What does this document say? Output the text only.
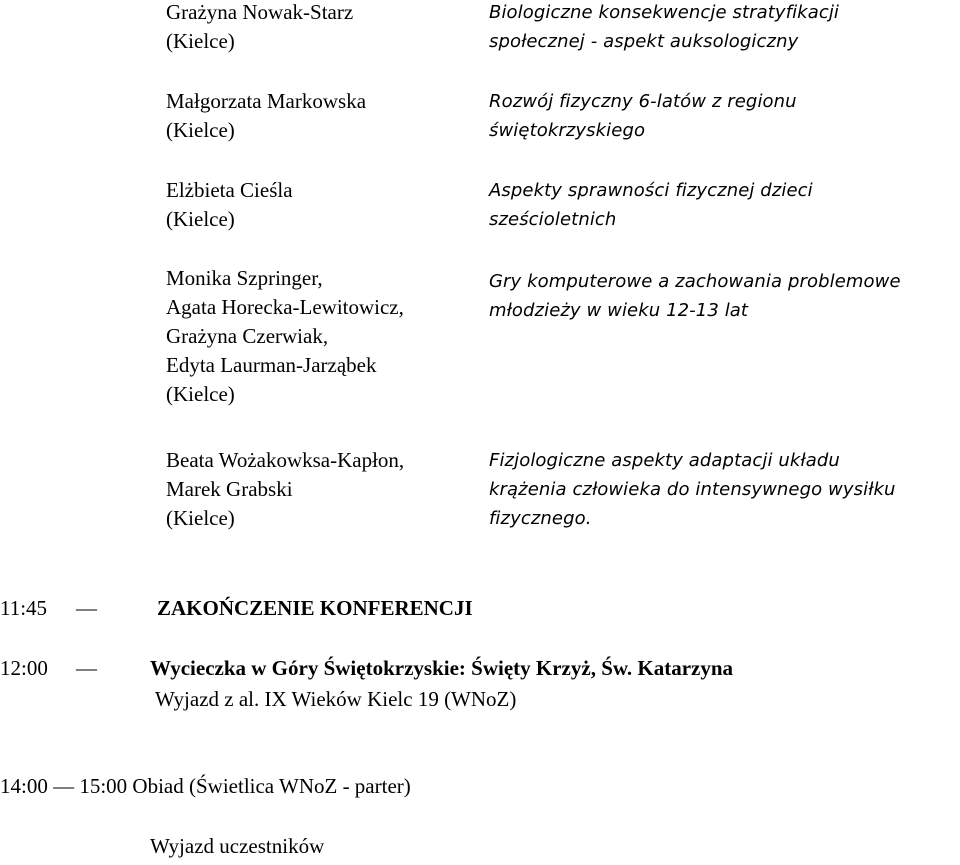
Grażyna Nowak-Starz
(Kielce)
Biologiczne konsekwencje stratyfikacji
społecznej - aspekt auksologiczny
Małgorzata Markowska
(Kielce)
Rozwój fizyczny 6-latów z regionu
świętokrzyskiego
Elżbieta Cieśla
(Kielce)
Aspekty sprawności fizycznej dzieci
sześcioletnich
Monika Szpringer,
Agata Horecka-Lewitowicz,
Grażyna Czerwiak,
Edyta Laurman-Jarząbek
(Kielce)
Gry komputerowe a zachowania problemowe
młodzieży w wieku 12-13 lat
Beata Wożakowksa-Kapłon,
Marek Grabski
(Kielce)
Fizjologiczne aspekty adaptacji układu
krążenia człowieka do intensywnego wysiłku
fizycznego.
11:45 —	ZAKOŃCZENIE KONFERENCJI
12:00 —	Wycieczka w Góry Świętokrzyskie: Święty Krzyż, Św. Katarzyna
Wyjazd z al. IX Wieków Kielc 19 (WNoZ)
14:00 — 15:00 Obiad (Świetlica WNoZ - parter)
Wyjazd uczestników
